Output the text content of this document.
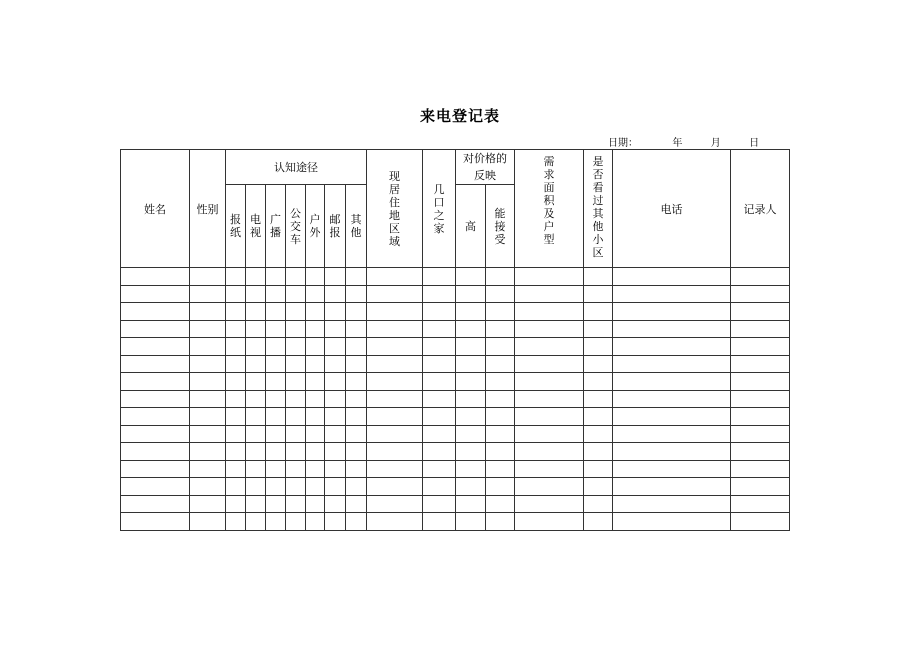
来电登记表
日期：	年	月	日
姓名	性别	认知途径							现居住地区域	几口之家	对价格的反映		需求面积及户型	是否看过其他小区	电话	记录人
		报纸	电视	广播	公交车	户外	邮报	其他			高	能接受				
